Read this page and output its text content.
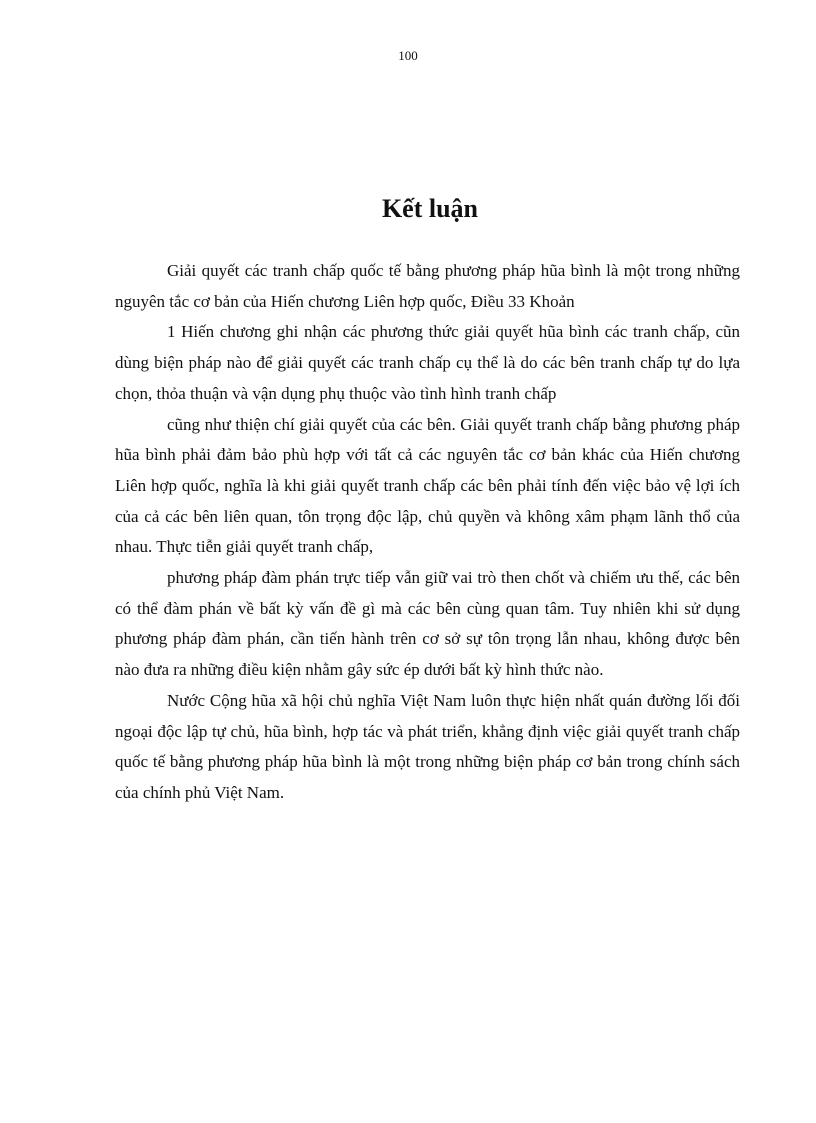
100
Kết luận

Giải quyết các tranh chấp quốc tế bằng phương pháp hũa bình là một trong những nguyên tắc cơ bản của Hiến chương Liên hợp quốc, Điều 33 Khoản

1 Hiến chương ghi nhận các phương thức giải quyết hũa bình các tranh chấp, cũn dùng biện pháp nào để giải quyết các tranh chấp cụ thể là do các bên tranh chấp tự do lựa chọn, thỏa thuận và vận dụng phụ thuộc vào tình hình tranh chấp

cũng như thiện chí giải quyết của các bên. Giải quyết tranh chấp bằng phương pháp hũa bình phải đảm bảo phù hợp với tất cả các nguyên tắc cơ bản khác của Hiến chương Liên hợp quốc, nghĩa là khi giải quyết tranh chấp các bên phải tính đến việc bảo vệ lợi ích của cả các bên liên quan, tôn trọng độc lập, chủ quyền và không xâm phạm lãnh thổ của nhau. Thực tiễn giải quyết tranh chấp,

phương pháp đàm phán trực tiếp vẫn giữ vai trò then chốt và chiếm ưu thế, các bên có thể đàm phán về bất kỳ vấn đề gì mà các bên cùng quan tâm. Tuy nhiên khi sử dụng phương pháp đàm phán, cần tiến hành trên cơ sở sự tôn trọng lẫn nhau, không được bên nào đưa ra những điều kiện nhằm gây sức ép dưới bất kỳ hình thức nào.

Nước Cộng hũa xã hội chủ nghĩa Việt Nam luôn thực hiện nhất quán đường lối đối ngoại độc lập tự chủ, hũa bình, hợp tác và phát triển, khẳng định việc giải quyết tranh chấp quốc tế bằng phương pháp hũa bình là một trong những biện pháp cơ bản trong chính sách của chính phủ Việt Nam.
